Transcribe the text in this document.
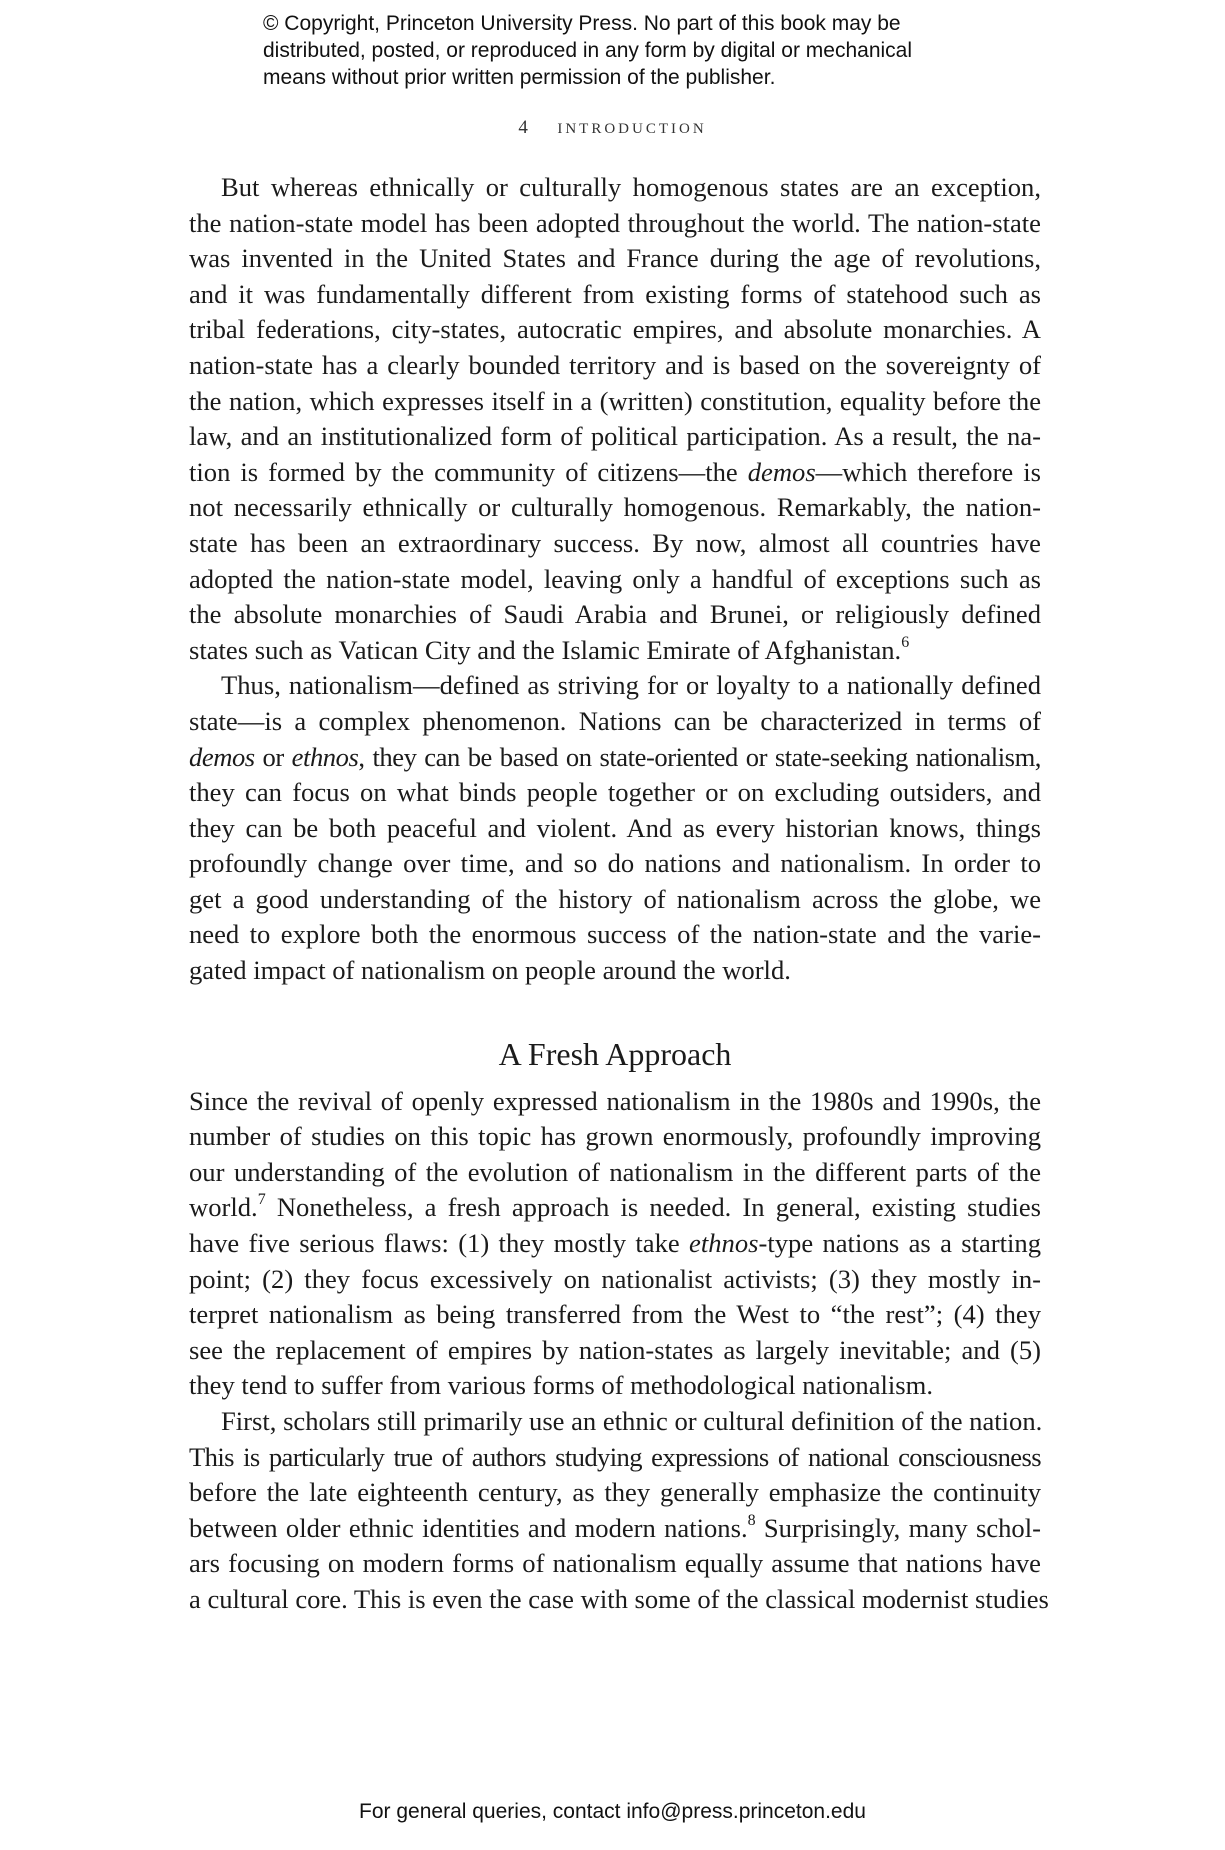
© Copyright, Princeton University Press. No part of this book may be
distributed, posted, or reproduced in any form by digital or mechanical
means without prior written permission of the publisher.
4 introduction
But whereas ethnically or culturally homogenous states are an exception,
the nation-state model has been adopted throughout the world. The nation-state
was invented in the United States and France during the age of revolutions,
and it was fundamentally different from existing forms of statehood such as
tribal federations, city-states, autocratic empires, and absolute monarchies. A
nation-state has a clearly bounded territory and is based on the sovereignty of
the nation, which expresses itself in a (written) constitution, equality before the
law, and an institutionalized form of political participation. As a result, the na-
tion is formed by the community of citizens—the demos—which therefore is
not necessarily ethnically or culturally homogenous. Remarkably, the nation-
state has been an extraordinary success. By now, almost all countries have
adopted the nation-state model, leaving only a handful of exceptions such as
the absolute monarchies of Saudi Arabia and Brunei, or religiously defined
states such as Vatican City and the Islamic Emirate of Afghanistan.$^6$
Thus, nationalism—defined as striving for or loyalty to a nationally defined
state—is a complex phenomenon. Nations can be characterized in terms of
demos or ethnos, they can be based on state-oriented or state-seeking nationalism,
they can focus on what binds people together or on excluding outsiders, and
they can be both peaceful and violent. And as every historian knows, things
profoundly change over time, and so do nations and nationalism. In order to
get a good understanding of the history of nationalism across the globe, we
need to explore both the enormous success of the nation-state and the varie-
gated impact of nationalism on people around the world.
A Fresh Approach
Since the revival of openly expressed nationalism in the 1980s and 1990s, the
number of studies on this topic has grown enormously, profoundly improving
our understanding of the evolution of nationalism in the different parts of the
world.$^7$ Nonetheless, a fresh approach is needed. In general, existing studies
have five serious flaws: (1) they mostly take ethnos-type nations as a starting
point; (2) they focus excessively on nationalist activists; (3) they mostly in-
terpret nationalism as being transferred from the West to “the rest”; (4) they
see the replacement of empires by nation-states as largely inevitable; and (5)
they tend to suffer from various forms of methodological nationalism.
First, scholars still primarily use an ethnic or cultural definition of the nation.
This is particularly true of authors studying expressions of national consciousness
before the late eighteenth century, as they generally emphasize the continuity
between older ethnic identities and modern nations.$^8$ Surprisingly, many schol-
ars focusing on modern forms of nationalism equally assume that nations have
a cultural core. This is even the case with some of the classical modernist studies
For general queries, contact info@press.princeton.edu
